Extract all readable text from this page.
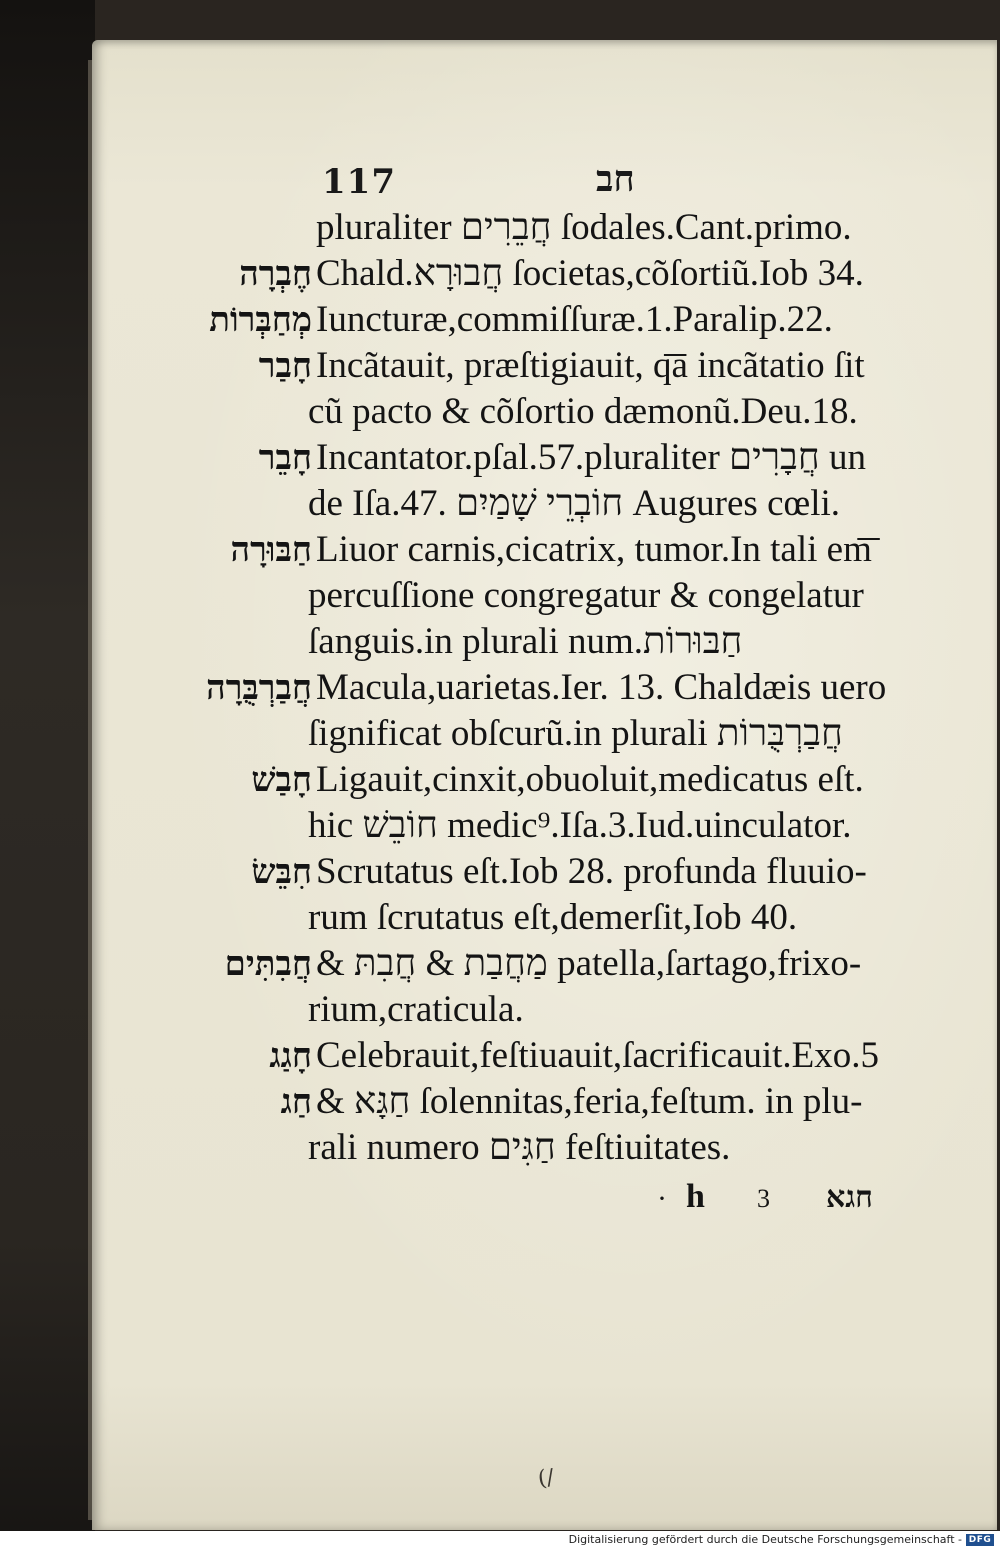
117	חב
pluraliter חֲבֵרִים ſodales.Cant.primo.
חֶבְרָה Chald.חֲבוּרָא ſocietas,cõſortiũ.Iob 34.
מְחַבְּרוֹת Iuncturæ,commiſſuræ.1.Paralip.22.
חָבַר Incãtauit, præſtigiauit, q͞a incãtatio ſit
cũ pacto & cõſortio dæmonũ.Deu.18.
חָבֵר Incantator.pſal.57.pluraliter חֲבָרִים un
de Iſa.47. חוֹבְרֵי שָׁמַיִם Augures cœli.
חַבּוּרָה Liuor carnis,cicatrix, tumor.In tali em͞
percuſſione congregatur & congelatur
ſanguis.in plurali num.חַבּוּרוֹת
חֲבַרְבֻּרָה Macula,uarietas.Ier. 13. Chaldæis uero
ſignificat obſcurũ.in plurali חֲבַרְבֻּרוֹת
חָבַשׁ Ligauit,cinxit,obuoluit,medicatus eſt.
hic חוֹבֵשׁ medic⁹.Iſa.3.Iud.uinculator.
חִבֵּשׂ Scrutatus eſt.Iob 28. profunda fluuio-
rum ſcrutatus eſt,demerſit,Iob 40.
חֲבִתִּים & מַחֲבַת & חֲבִתּ patella,ſartago,frixo-
rium,craticula.
חָגַג Celebrauit,feſtiuauit,ſacrificauit.Exo.5
חַג & חַגָּא ſolennitas,feria,feſtum. in plu-
rali numero חַגִּים feſtiuitates.
· h 3 חגא
(/
Digitalisierung gefördert durch die Deutsche Forschungsgemeinschaft - DFG
